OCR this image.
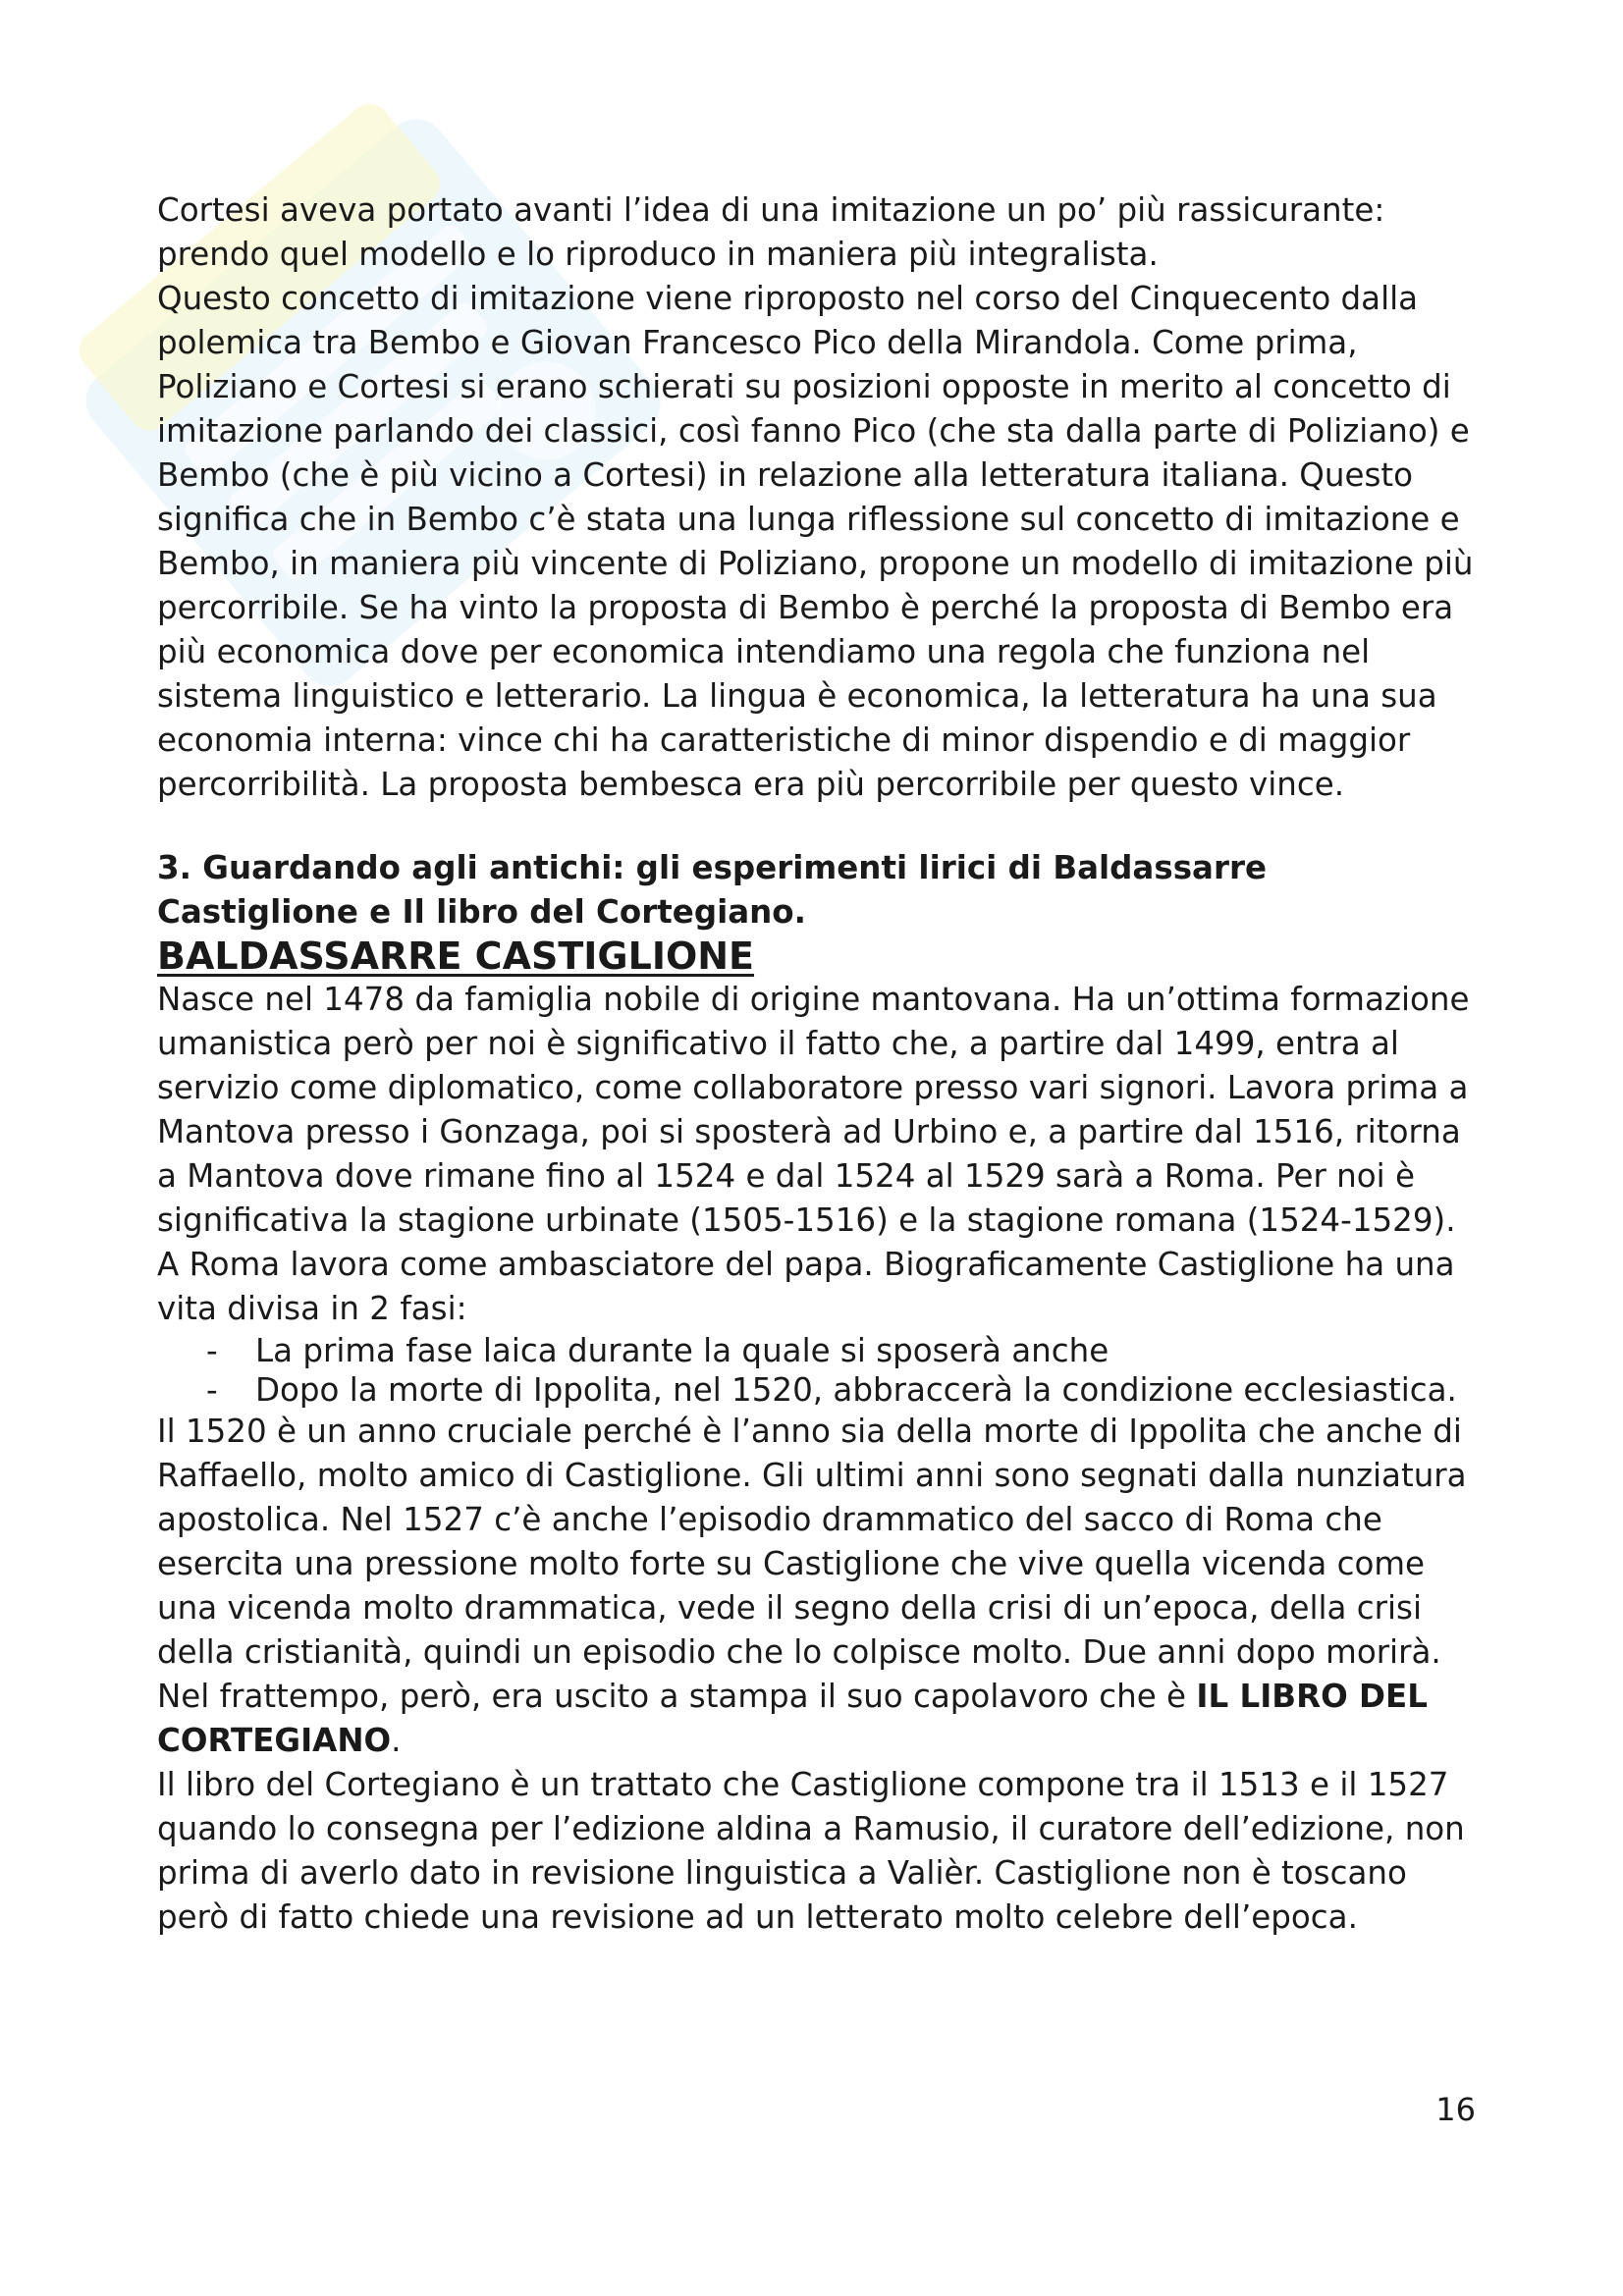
Cortesi aveva portato avanti l’idea di una imitazione un po’ più rassicurante: prendo quel modello e lo riproduco in maniera più integralista.

Questo concetto di imitazione viene riproposto nel corso del Cinquecento dalla polemica tra Bembo e Giovan Francesco Pico della Mirandola. Come prima, Poliziano e Cortesi si erano schierati su posizioni opposte in merito al concetto di imitazione parlando dei classici, così fanno Pico (che sta dalla parte di Poliziano) e Bembo (che è più vicino a Cortesi) in relazione alla letteratura italiana. Questo significa che in Bembo c’è stata una lunga riflessione sul concetto di imitazione e Bembo, in maniera più vincente di Poliziano, propone un modello di imitazione più percorribile. Se ha vinto la proposta di Bembo è perché la proposta di Bembo era più economica dove per economica intendiamo una regola che funziona nel sistema linguistico e letterario. La lingua è economica, la letteratura ha una sua economia interna: vince chi ha caratteristiche di minor dispendio e di maggior percorribilità. La proposta bembesca era più percorribile per questo vince.

3. Guardando agli antichi: gli esperimenti lirici di Baldassarre Castiglione e Il libro del Cortegiano.

BALDASSARRE CASTIGLIONE

Nasce nel 1478 da famiglia nobile di origine mantovana. Ha un’ottima formazione umanistica però per noi è significativo il fatto che, a partire dal 1499, entra al servizio come diplomatico, come collaboratore presso vari signori. Lavora prima a Mantova presso i Gonzaga, poi si sposterà ad Urbino e, a partire dal 1516, ritorna a Mantova dove rimane fino al 1524 e dal 1524 al 1529 sarà a Roma. Per noi è significativa la stagione urbinate (1505-1516) e la stagione romana (1524-1529).

A Roma lavora come ambasciatore del papa. Biograficamente Castiglione ha una vita divisa in 2 fasi:

- La prima fase laica durante la quale si sposerà anche
- Dopo la morte di Ippolita, nel 1520, abbraccerà la condizione ecclesiastica.

Il 1520 è un anno cruciale perché è l’anno sia della morte di Ippolita che anche di Raffaello, molto amico di Castiglione. Gli ultimi anni sono segnati dalla nunziatura apostolica. Nel 1527 c’è anche l’episodio drammatico del sacco di Roma che esercita una pressione molto forte su Castiglione che vive quella vicenda come una vicenda molto drammatica, vede il segno della crisi di un’epoca, della crisi della cristianità, quindi un episodio che lo colpisce molto. Due anni dopo morirà.

Nel frattempo, però, era uscito a stampa il suo capolavoro che è IL LIBRO DEL CORTEGIANO.

Il libro del Cortegiano è un trattato che Castiglione compone tra il 1513 e il 1527 quando lo consegna per l’edizione aldina a Ramusio, il curatore dell’edizione, non prima di averlo dato in revisione linguistica a Valièr. Castiglione non è toscano però di fatto chiede una revisione ad un letterato molto celebre dell’epoca.

16
